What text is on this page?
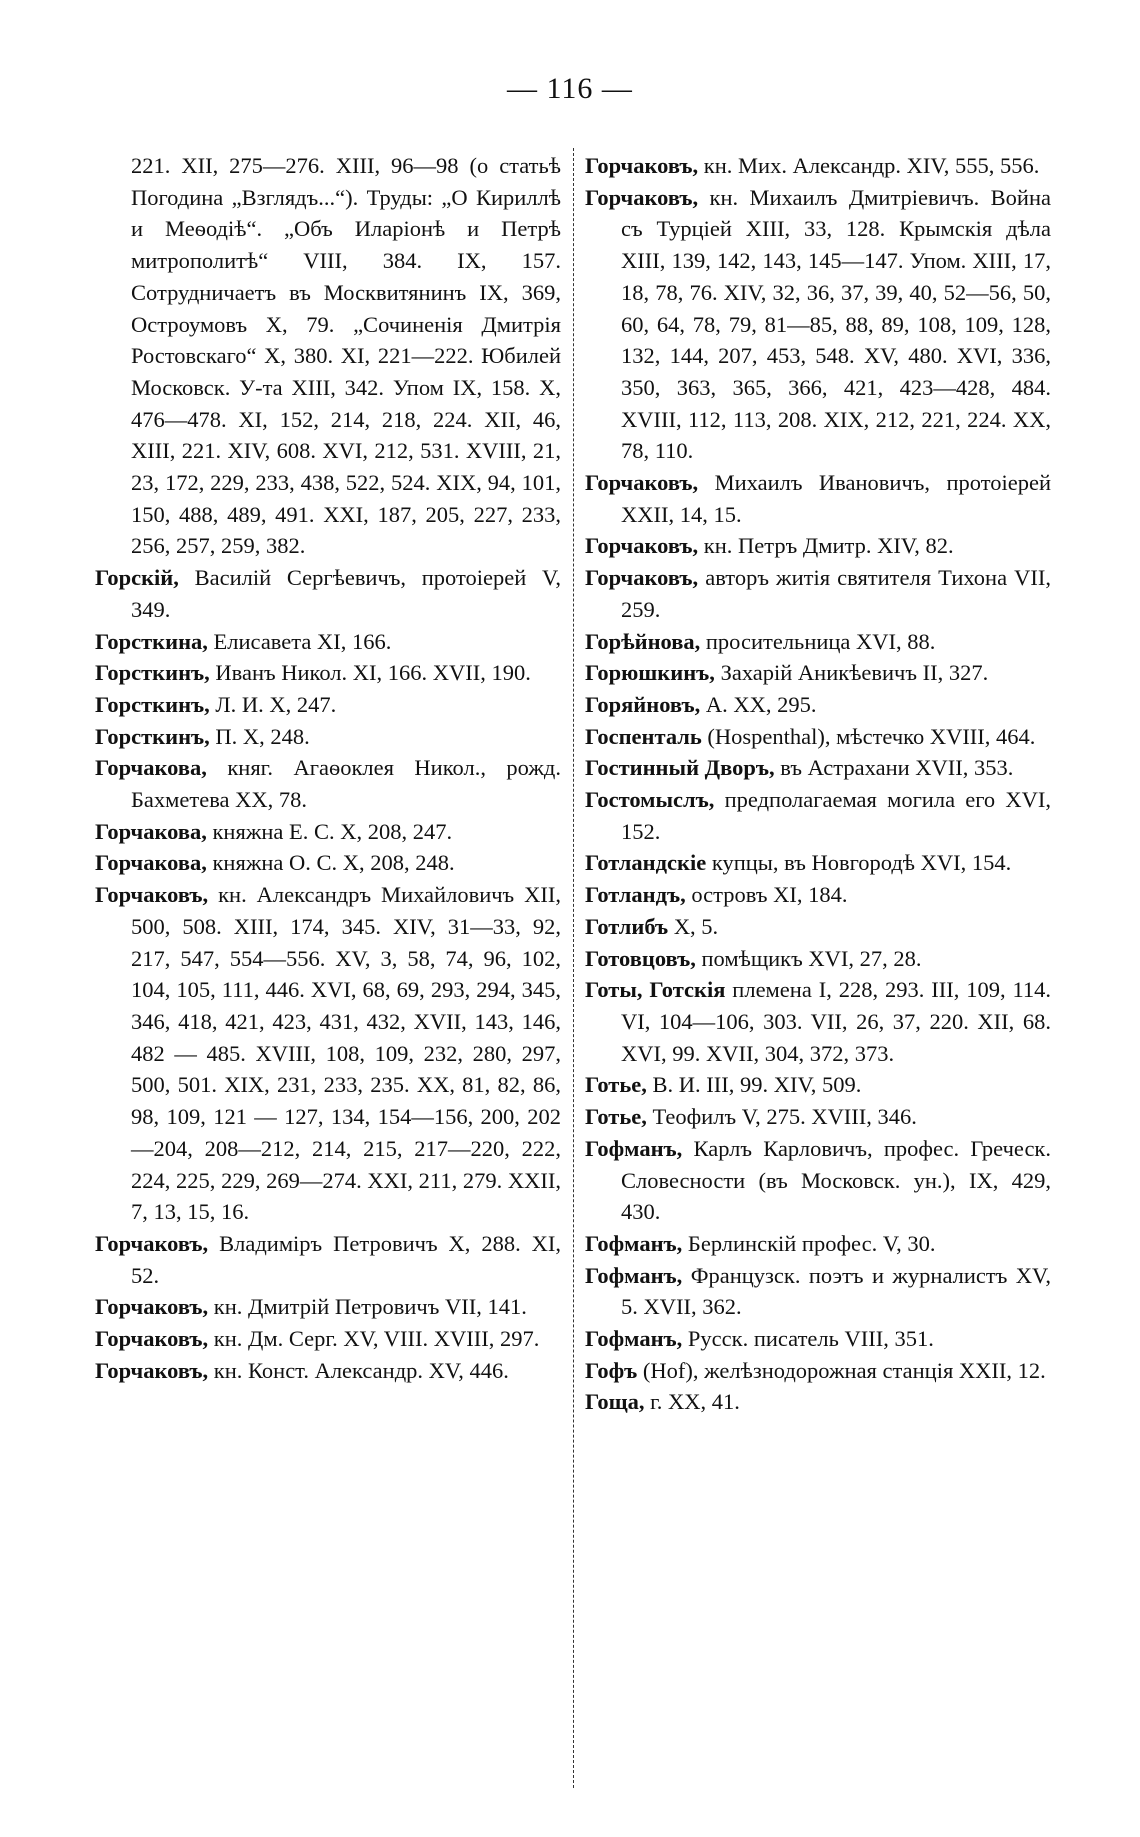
— 116 —

221. XII, 275—276. XIII, 96—98 (о статьѣ Погодина „Взглядъ...“). Труды: „О Кириллѣ и Меѳодіѣ“. „Объ Иларіонѣ и Петрѣ митрополитѣ“ VIII, 384. IX, 157. Сотрудничаетъ въ Москвитянинъ IX, 369, Остроумовъ X, 79. „Сочиненія Дмитрія Ростовскаго“ X, 380. XI, 221—222. Юбилей Московск. У-та XIII, 342. Упом IX, 158. X, 476—478. XI, 152, 214, 218, 224. XII, 46, XIII, 221. XIV, 608. XVI, 212, 531. XVIII, 21, 23, 172, 229, 233, 438, 522, 524. XIX, 94, 101, 150, 488, 489, 491. XXI, 187, 205, 227, 233, 256, 257, 259, 382.

Горскій, Василій Сергѣевичъ, протоіерей V, 349.

Горсткина, Елисавета XI, 166.

Горсткинъ, Иванъ Никол. XI, 166. XVII, 190.

Горсткинъ, Л. И. X, 247.

Горсткинъ, П. X, 248.

Горчакова, княг. Агаѳоклея Никол., рожд. Бахметева XX, 78.

Горчакова, княжна Е. С. X, 208, 247.

Горчакова, княжна О. С. X, 208, 248.

Горчаковъ, кн. Александръ Михайловичъ XII, 500, 508. XIII, 174, 345. XIV, 31—33, 92, 217, 547, 554—556. XV, 3, 58, 74, 96, 102, 104, 105, 111, 446. XVI, 68, 69, 293, 294, 345, 346, 418, 421, 423, 431, 432, XVII, 143, 146, 482 — 485. XVIII, 108, 109, 232, 280, 297, 500, 501. XIX, 231, 233, 235. XX, 81, 82, 86, 98, 109, 121 — 127, 134, 154—156, 200, 202—204, 208—212, 214, 215, 217—220, 222, 224, 225, 229, 269—274. XXI, 211, 279. XXII, 7, 13, 15, 16.

Горчаковъ, Владиміръ Петровичъ X, 288. XI, 52.

Горчаковъ, кн. Дмитрій Петровичъ VII, 141.

Горчаковъ, кн. Дм. Серг. XV, VIII. XVIII, 297.

Горчаковъ, кн. Конст. Александр. XV, 446.

Горчаковъ, кн. Мих. Александр. XIV, 555, 556.

Горчаковъ, кн. Михаилъ Дмитріевичъ. Война съ Турціей XIII, 33, 128. Крымскія дѣла XIII, 139, 142, 143, 145—147. Упом. XIII, 17, 18, 78, 76. XIV, 32, 36, 37, 39, 40, 52—56, 50, 60, 64, 78, 79, 81—85, 88, 89, 108, 109, 128, 132, 144, 207, 453, 548. XV, 480. XVI, 336, 350, 363, 365, 366, 421, 423—428, 484. XVIII, 112, 113, 208. XIX, 212, 221, 224. XX, 78, 110.

Горчаковъ, Михаилъ Ивановичъ, протоіерей XXII, 14, 15.

Горчаковъ, кн. Петръ Дмитр. XIV, 82.

Горчаковъ, авторъ житія святителя Тихона VII, 259.

Горѣйнова, просительница XVI, 88.

Горюшкинъ, Захарій Аникѣевичъ II, 327.

Горяйновъ, А. XX, 295.

Госпенталь (Hospenthal), мѣстечко XVIII, 464.

Гостинный Дворъ, въ Астрахани XVII, 353.

Гостомыслъ, предполагаемая могила его XVI, 152.

Готландскіе купцы, въ Новгородѣ XVI, 154.

Готландъ, островъ XI, 184.

Готлибъ X, 5.

Готовцовъ, помѣщикъ XVI, 27, 28.

Готы, Готскія племена I, 228, 293. III, 109, 114. VI, 104—106, 303. VII, 26, 37, 220. XII, 68. XVI, 99. XVII, 304, 372, 373.

Готье, В. И. III, 99. XIV, 509.

Готье, Теофилъ V, 275. XVIII, 346.

Гофманъ, Карлъ Карловичъ, профес. Греческ. Словесности (въ Московск. ун.), IX, 429, 430.

Гофманъ, Берлинскій профес. V, 30.

Гофманъ, Французск. поэтъ и журналистъ XV, 5. XVII, 362.

Гофманъ, Русск. писатель VIII, 351.

Гофъ (Hof), желѣзнодорожная станція XXII, 12.

Гоща, г. XX, 41.
